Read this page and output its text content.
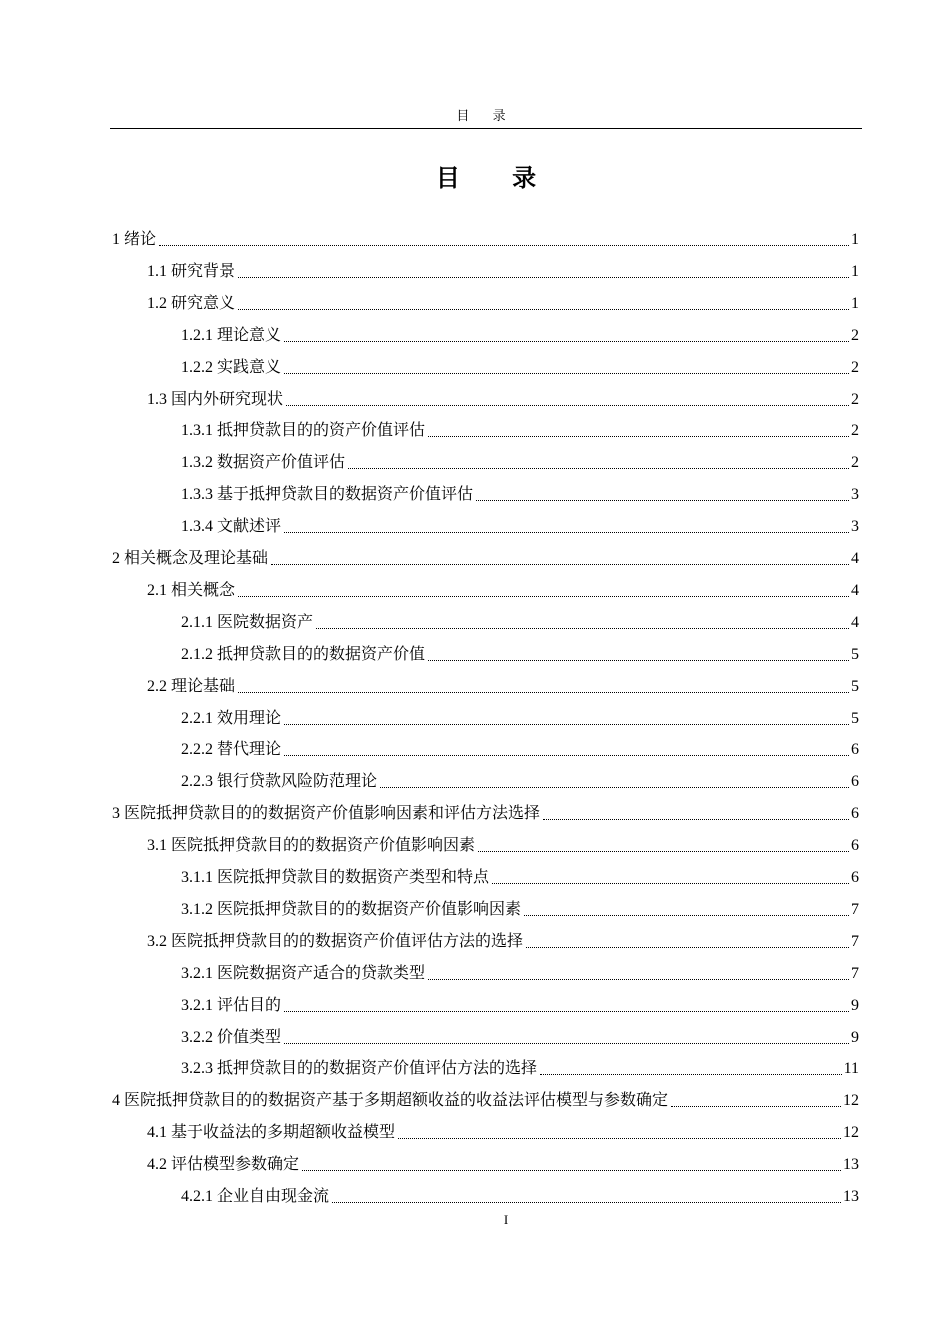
目 录
目 录
1 绪论	1
1.1 研究背景	1
1.2 研究意义	1
1.2.1 理论意义	2
1.2.2 实践意义	2
1.3 国内外研究现状	2
1.3.1 抵押贷款目的的资产价值评估	2
1.3.2 数据资产价值评估	2
1.3.3 基于抵押贷款目的数据资产价值评估	3
1.3.4 文献述评	3
2 相关概念及理论基础	4
2.1 相关概念	4
2.1.1 医院数据资产	4
2.1.2 抵押贷款目的的数据资产价值	5
2.2 理论基础	5
2.2.1 效用理论	5
2.2.2 替代理论	6
2.2.3 银行贷款风险防范理论	6
3 医院抵押贷款目的的数据资产价值影响因素和评估方法选择	6
3.1 医院抵押贷款目的的数据资产价值影响因素	6
3.1.1 医院抵押贷款目的数据资产类型和特点	6
3.1.2 医院抵押贷款目的的数据资产价值影响因素	7
3.2 医院抵押贷款目的的数据资产价值评估方法的选择	7
3.2.1 医院数据资产适合的贷款类型	7
3.2.1 评估目的	9
3.2.2 价值类型	9
3.2.3 抵押贷款目的的数据资产价值评估方法的选择	11
4 医院抵押贷款目的的数据资产基于多期超额收益的收益法评估模型与参数确定	12
4.1 基于收益法的多期超额收益模型	12
4.2 评估模型参数确定	13
4.2.1 企业自由现金流	13
I
